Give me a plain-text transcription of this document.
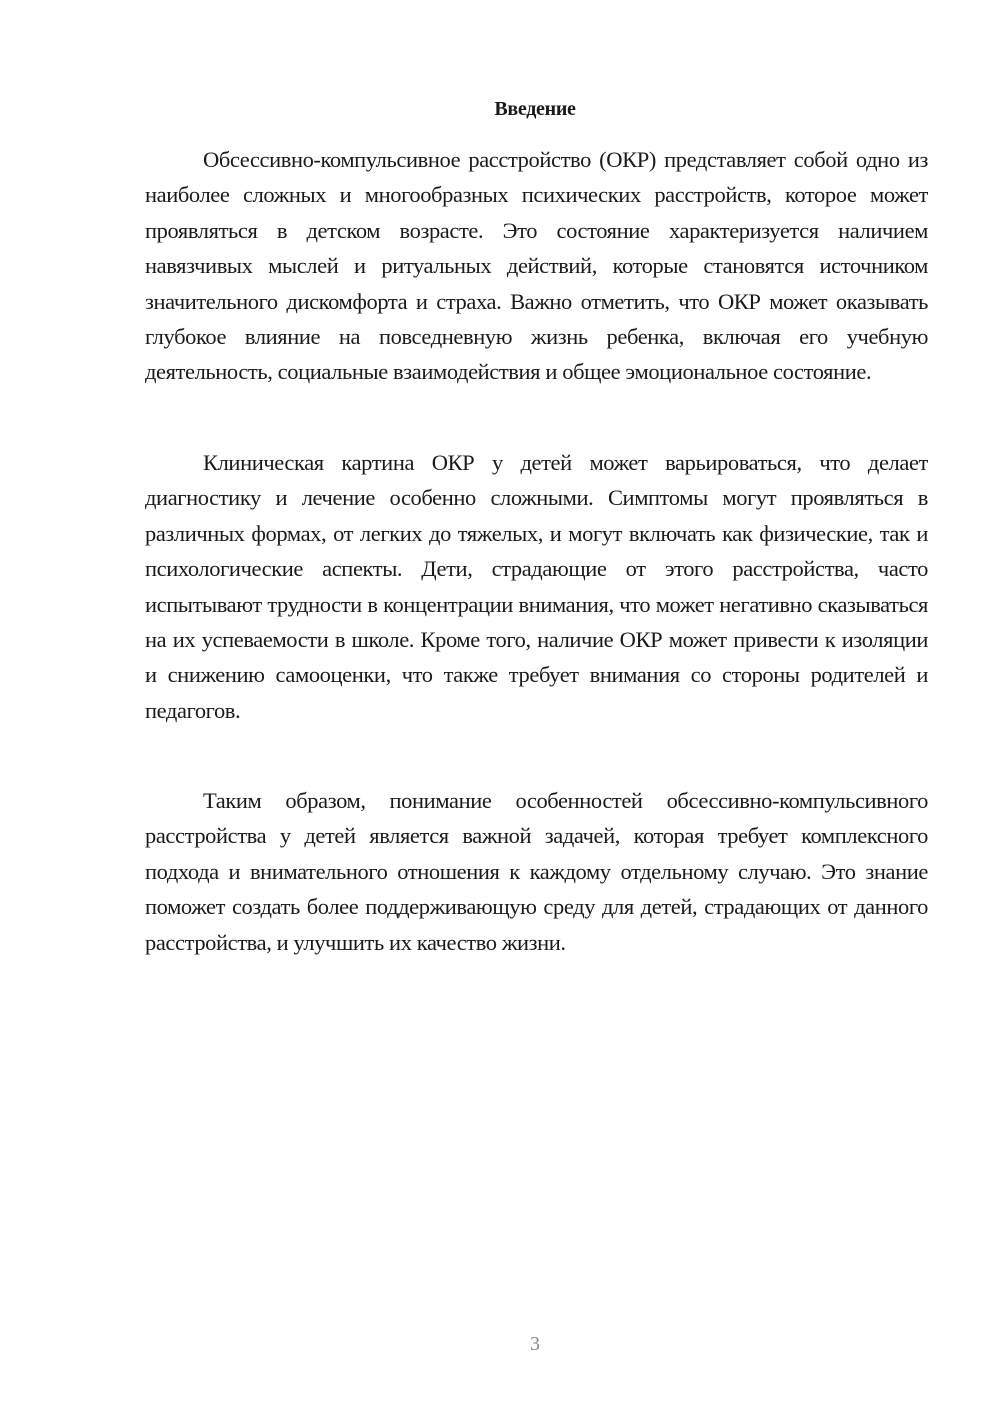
Введение

Обсессивно-компульсивное расстройство (ОКР) представляет собой одно из наиболее сложных и многообразных психических расстройств, которое может проявляться в детском возрасте. Это состояние характеризуется наличием навязчивых мыслей и ритуальных действий, которые становятся источником значительного дискомфорта и страха. Важно отметить, что ОКР может оказывать глубокое влияние на повседневную жизнь ребенка, включая его учебную деятельность, социальные взаимодействия и общее эмоциональное состояние.

Клиническая картина ОКР у детей может варьироваться, что делает диагностику и лечение особенно сложными. Симптомы могут проявляться в различных формах, от легких до тяжелых, и могут включать как физические, так и психологические аспекты. Дети, страдающие от этого расстройства, часто испытывают трудности в концентрации внимания, что может негативно сказываться на их успеваемости в школе. Кроме того, наличие ОКР может привести к изоляции и снижению самооценки, что также требует внимания со стороны родителей и педагогов.

Таким образом, понимание особенностей обсессивно-компульсивного расстройства у детей является важной задачей, которая требует комплексного подхода и внимательного отношения к каждому отдельному случаю. Это знание поможет создать более поддерживающую среду для детей, страдающих от данного расстройства, и улучшить их качество жизни.

3
